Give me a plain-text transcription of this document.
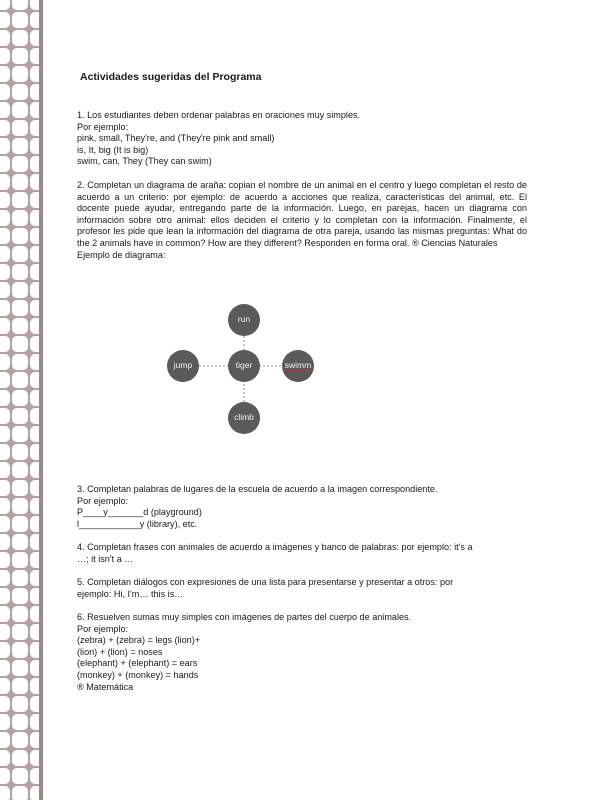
Actividades sugeridas del Programa
1. Los estudiantes deben ordenar palabras en oraciones muy simples.
Por ejemplo:
pink, small, They're, and (They're pink and small)
is, It, big (It is big)
swim, can, They (They can swim)
2. Completan un diagrama de araña: copian el nombre de un animal en el centro y luego completan el resto de acuerdo a un criterio: por ejemplo: de acuerdo a acciones que realiza, características del animal, etc. El docente puede ayudar, entregando parte de la información. Luego, en parejas, hacen un diagrama con información sobre otro animal: ellos deciden el criterio y lo completan con la información. Finalmente, el profesor les pide que lean la información del diagrama de otra pareja, usando las mismas preguntas: What do the 2 animals have in common? How are they different? Responden en forma oral. ® Ciencias Naturales
Ejemplo de diagrama:
run
jump	tiger	swimm
climb
3. Completan palabras de lugares de la escuela de acuerdo a la imagen correspondiente.
Por ejemplo:
P____y_______d (playground)
l____________y (library), etc.
4. Completan frases con animales de acuerdo a imágenes y banco de palabras: por ejemplo: it's a
…; it isn't a …
5. Completan diálogos con expresiones de una lista para presentarse y presentar a otros: por
ejemplo: Hi, I'm… this is…
6. Resuelven sumas muy simples con imágenes de partes del cuerpo de animales.
Por ejemplo:
(zebra) + (zebra) = legs (lion)+
(lion) + (lion) = noses
(elephant) + (elephant) = ears
(monkey) + (monkey) = hands
® Matemática
